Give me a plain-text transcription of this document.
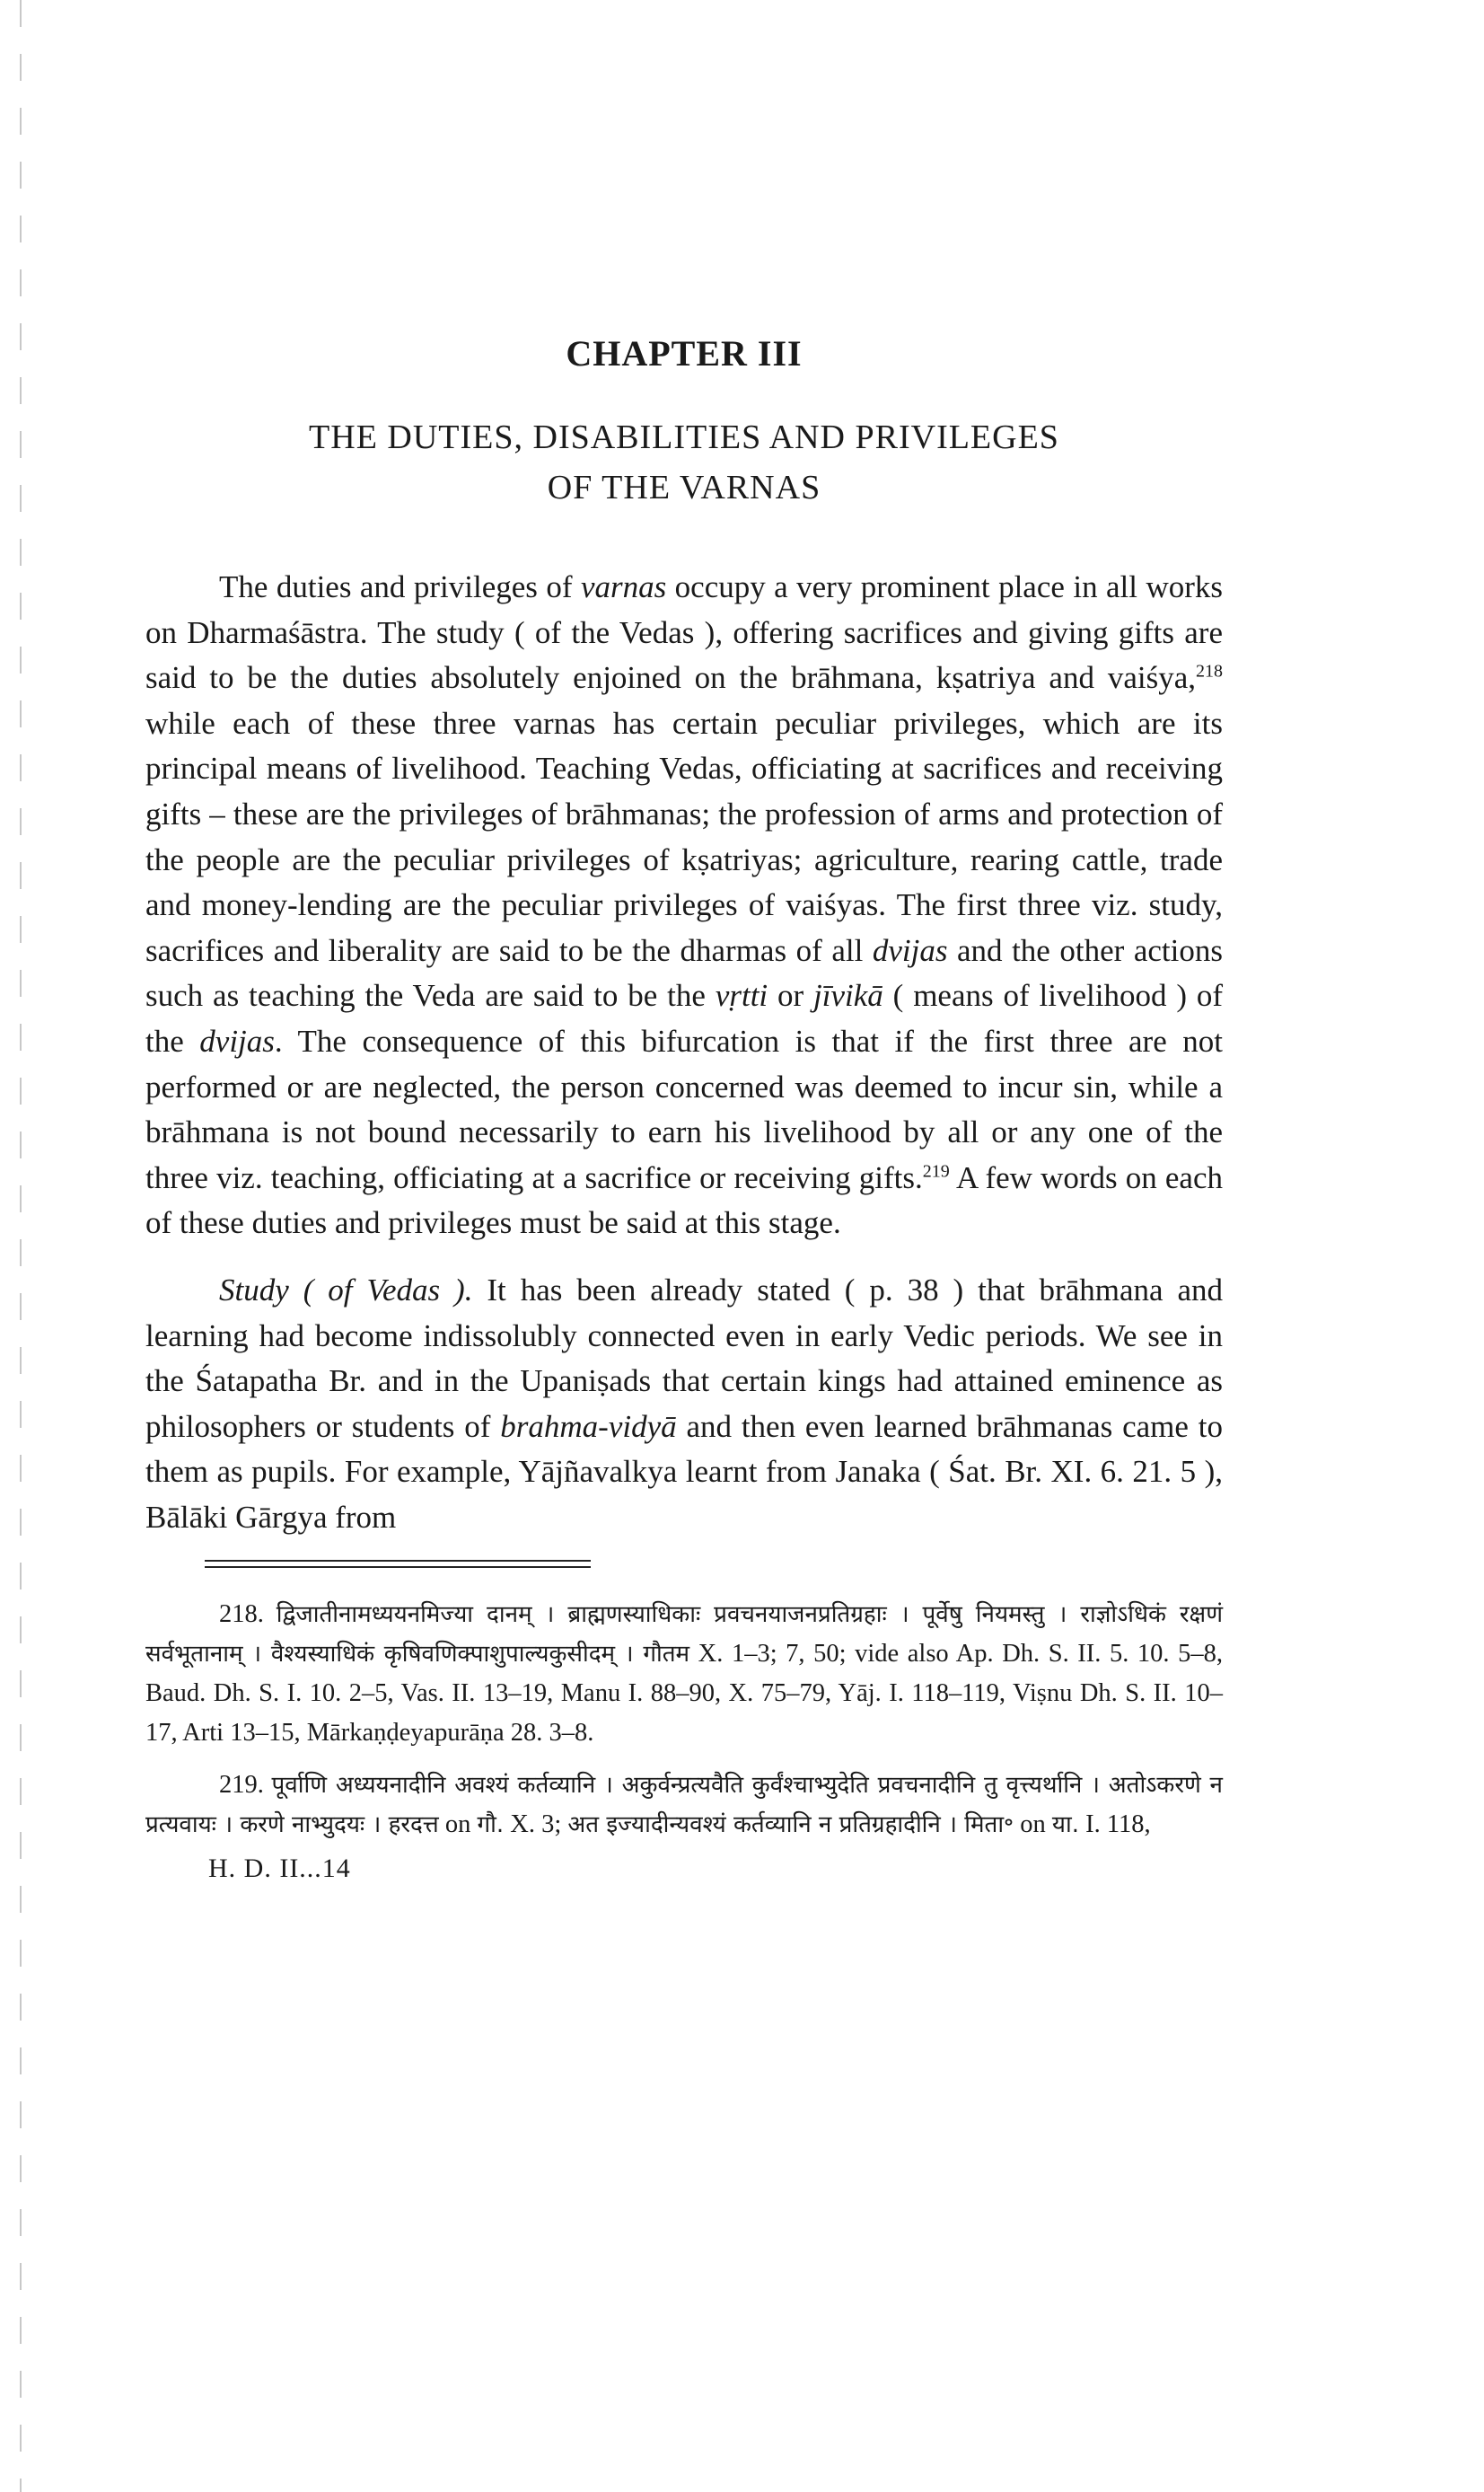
CHAPTER III
THE DUTIES, DISABILITIES AND PRIVILEGES
OF THE VARNAS

The duties and privileges of varnas occupy a very prominent place in all works on Dharmaśāstra. The study ( of the Vedas ), offering sacrifices and giving gifts are said to be the duties absolutely enjoined on the brāhmana, kṣatriya and vaiśya,$^{218}$ while each of these three varnas has certain peculiar privileges, which are its principal means of livelihood. Teaching Vedas, officiating at sacrifices and receiving gifts – these are the privileges of brāhmanas; the profession of arms and protection of the people are the peculiar privileges of kṣatriyas; agriculture, rearing cattle, trade and money-lending are the peculiar privileges of vaiśyas. The first three viz. study, sacrifices and liberality are said to be the dharmas of all dvijas and the other actions such as teaching the Veda are said to be the vṛtti or jīvikā ( means of livelihood ) of the dvijas. The consequence of this bifurcation is that if the first three are not performed or are neglected, the person concerned was deemed to incur sin, while a brāhmana is not bound necessarily to earn his livelihood by all or any one of the three viz. teaching, officiating at a sacrifice or receiving gifts.$^{219}$ A few words on each of these duties and privileges must be said at this stage.

Study ( of Vedas ). It has been already stated ( p. 38 ) that brāhmana and learning had become indissolubly connected even in early Vedic periods. We see in the Śatapatha Br. and in the Upaniṣads that certain kings had attained eminence as philosophers or students of brahma-vidyā and then even learned brāhmanas came to them as pupils. For example, Yājñavalkya learnt from Janaka ( Śat. Br. XI. 6. 21. 5 ), Bālāki Gārgya from

218. द्विजातीनामध्ययनमिज्या दानम् । ब्राह्मणस्याधिकाः प्रवचनयाजनप्रतिग्रहाः । पूर्वेषु नियमस्तु । राज्ञोऽधिकं रक्षणं सर्वभूतानाम् । वैश्यस्याधिकं कृषिवणिक्पाशुपाल्यकुसीदम् । गौतम X. 1–3; 7, 50; vide also Ap. Dh. S. II. 5. 10. 5–8, Baud. Dh. S. I. 10. 2–5, Vas. II. 13–19, Manu I. 88–90, X. 75–79, Yāj. I. 118–119, Viṣnu Dh. S. II. 10–17, Arti 13–15, Mārkaṇḍeyapurāṇa 28. 3–8.

219. पूर्वाणि अध्ययनादीनि अवश्यं कर्तव्यानि । अकुर्वन्प्रत्यवैति कुर्वंश्चाभ्युदेति प्रवचनादीनि तु वृत्त्यर्थानि । अतोऽकरणे न प्रत्यवायः । करणे नाभ्युदयः । हरदत्त on गौ. X. 3; अत इज्यादीन्यवश्यं कर्तव्यानि न प्रतिग्रहादीनि । मिता॰ on या. I. 118,

H. D. II...14
